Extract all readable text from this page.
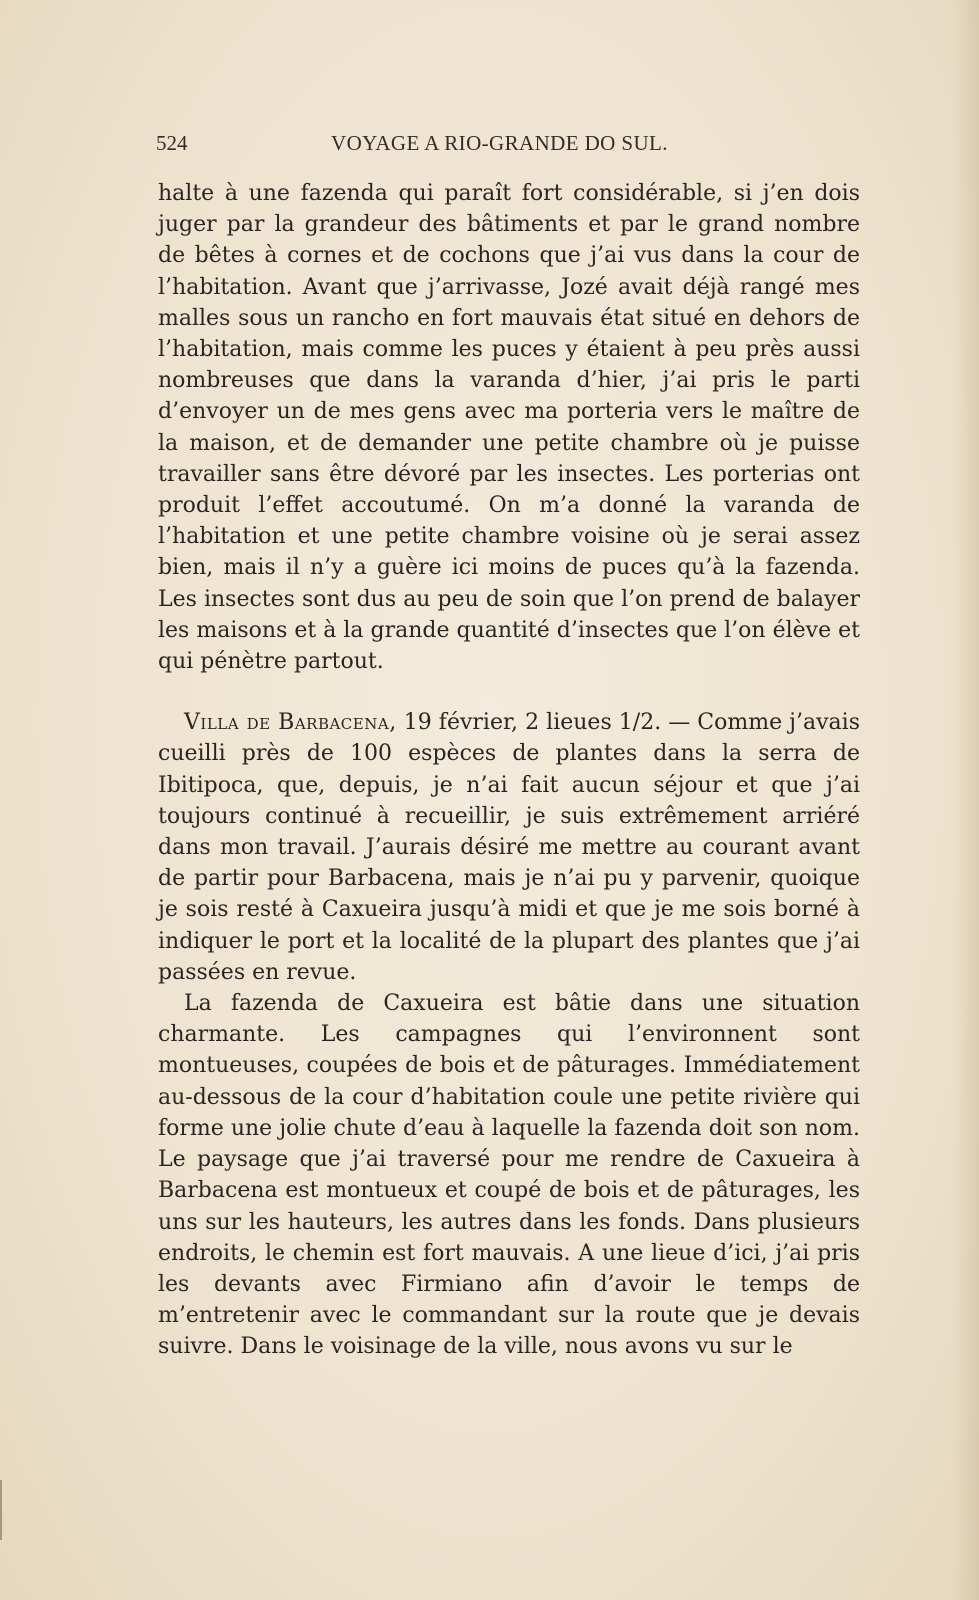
524	VOYAGE A RIO-GRANDE DO SUL.

halte à une fazenda qui paraît fort considérable, si j’en dois juger par la grandeur des bâtiments et par le grand nombre de bêtes à cornes et de cochons que j’ai vus dans la cour de l’habitation. Avant que j’arrivasse, Jozé avait déjà rangé mes malles sous un rancho en fort mauvais état situé en dehors de l’habitation, mais comme les puces y étaient à peu près aussi nombreuses que dans la varanda d’hier, j’ai pris le parti d’envoyer un de mes gens avec ma porteria vers le maître de la maison, et de demander une petite chambre où je puisse travailler sans être dévoré par les insectes. Les porterias ont produit l’effet accoutumé. On m’a donné la varanda de l’habitation et une petite chambre voisine où je serai assez bien, mais il n’y a guère ici moins de puces qu’à la fazenda. Les insectes sont dus au peu de soin que l’on prend de balayer les maisons et à la grande quantité d’insectes que l’on élève et qui pénètre partout.

Villa de Barbacena, 19 février, 2 lieues 1/2. — Comme j’avais cueilli près de 100 espèces de plantes dans la serra de Ibitipoca, que, depuis, je n’ai fait aucun séjour et que j’ai toujours continué à recueillir, je suis extrêmement arriéré dans mon travail. J’aurais désiré me mettre au courant avant de partir pour Barbacena, mais je n’ai pu y parvenir, quoique je sois resté à Caxueira jusqu’à midi et que je me sois borné à indiquer le port et la localité de la plupart des plantes que j’ai passées en revue.

La fazenda de Caxueira est bâtie dans une situation charmante. Les campagnes qui l’environnent sont montueuses, coupées de bois et de pâturages. Immédiatement au-dessous de la cour d’habitation coule une petite rivière qui forme une jolie chute d’eau à laquelle la fazenda doit son nom. Le paysage que j’ai traversé pour me rendre de Caxueira à Barbacena est montueux et coupé de bois et de pâturages, les uns sur les hauteurs, les autres dans les fonds. Dans plusieurs endroits, le chemin est fort mauvais. A une lieue d’ici, j’ai pris les devants avec Firmiano afin d’avoir le temps de m’entretenir avec le commandant sur la route que je devais suivre. Dans le voisinage de la ville, nous avons vu sur le
